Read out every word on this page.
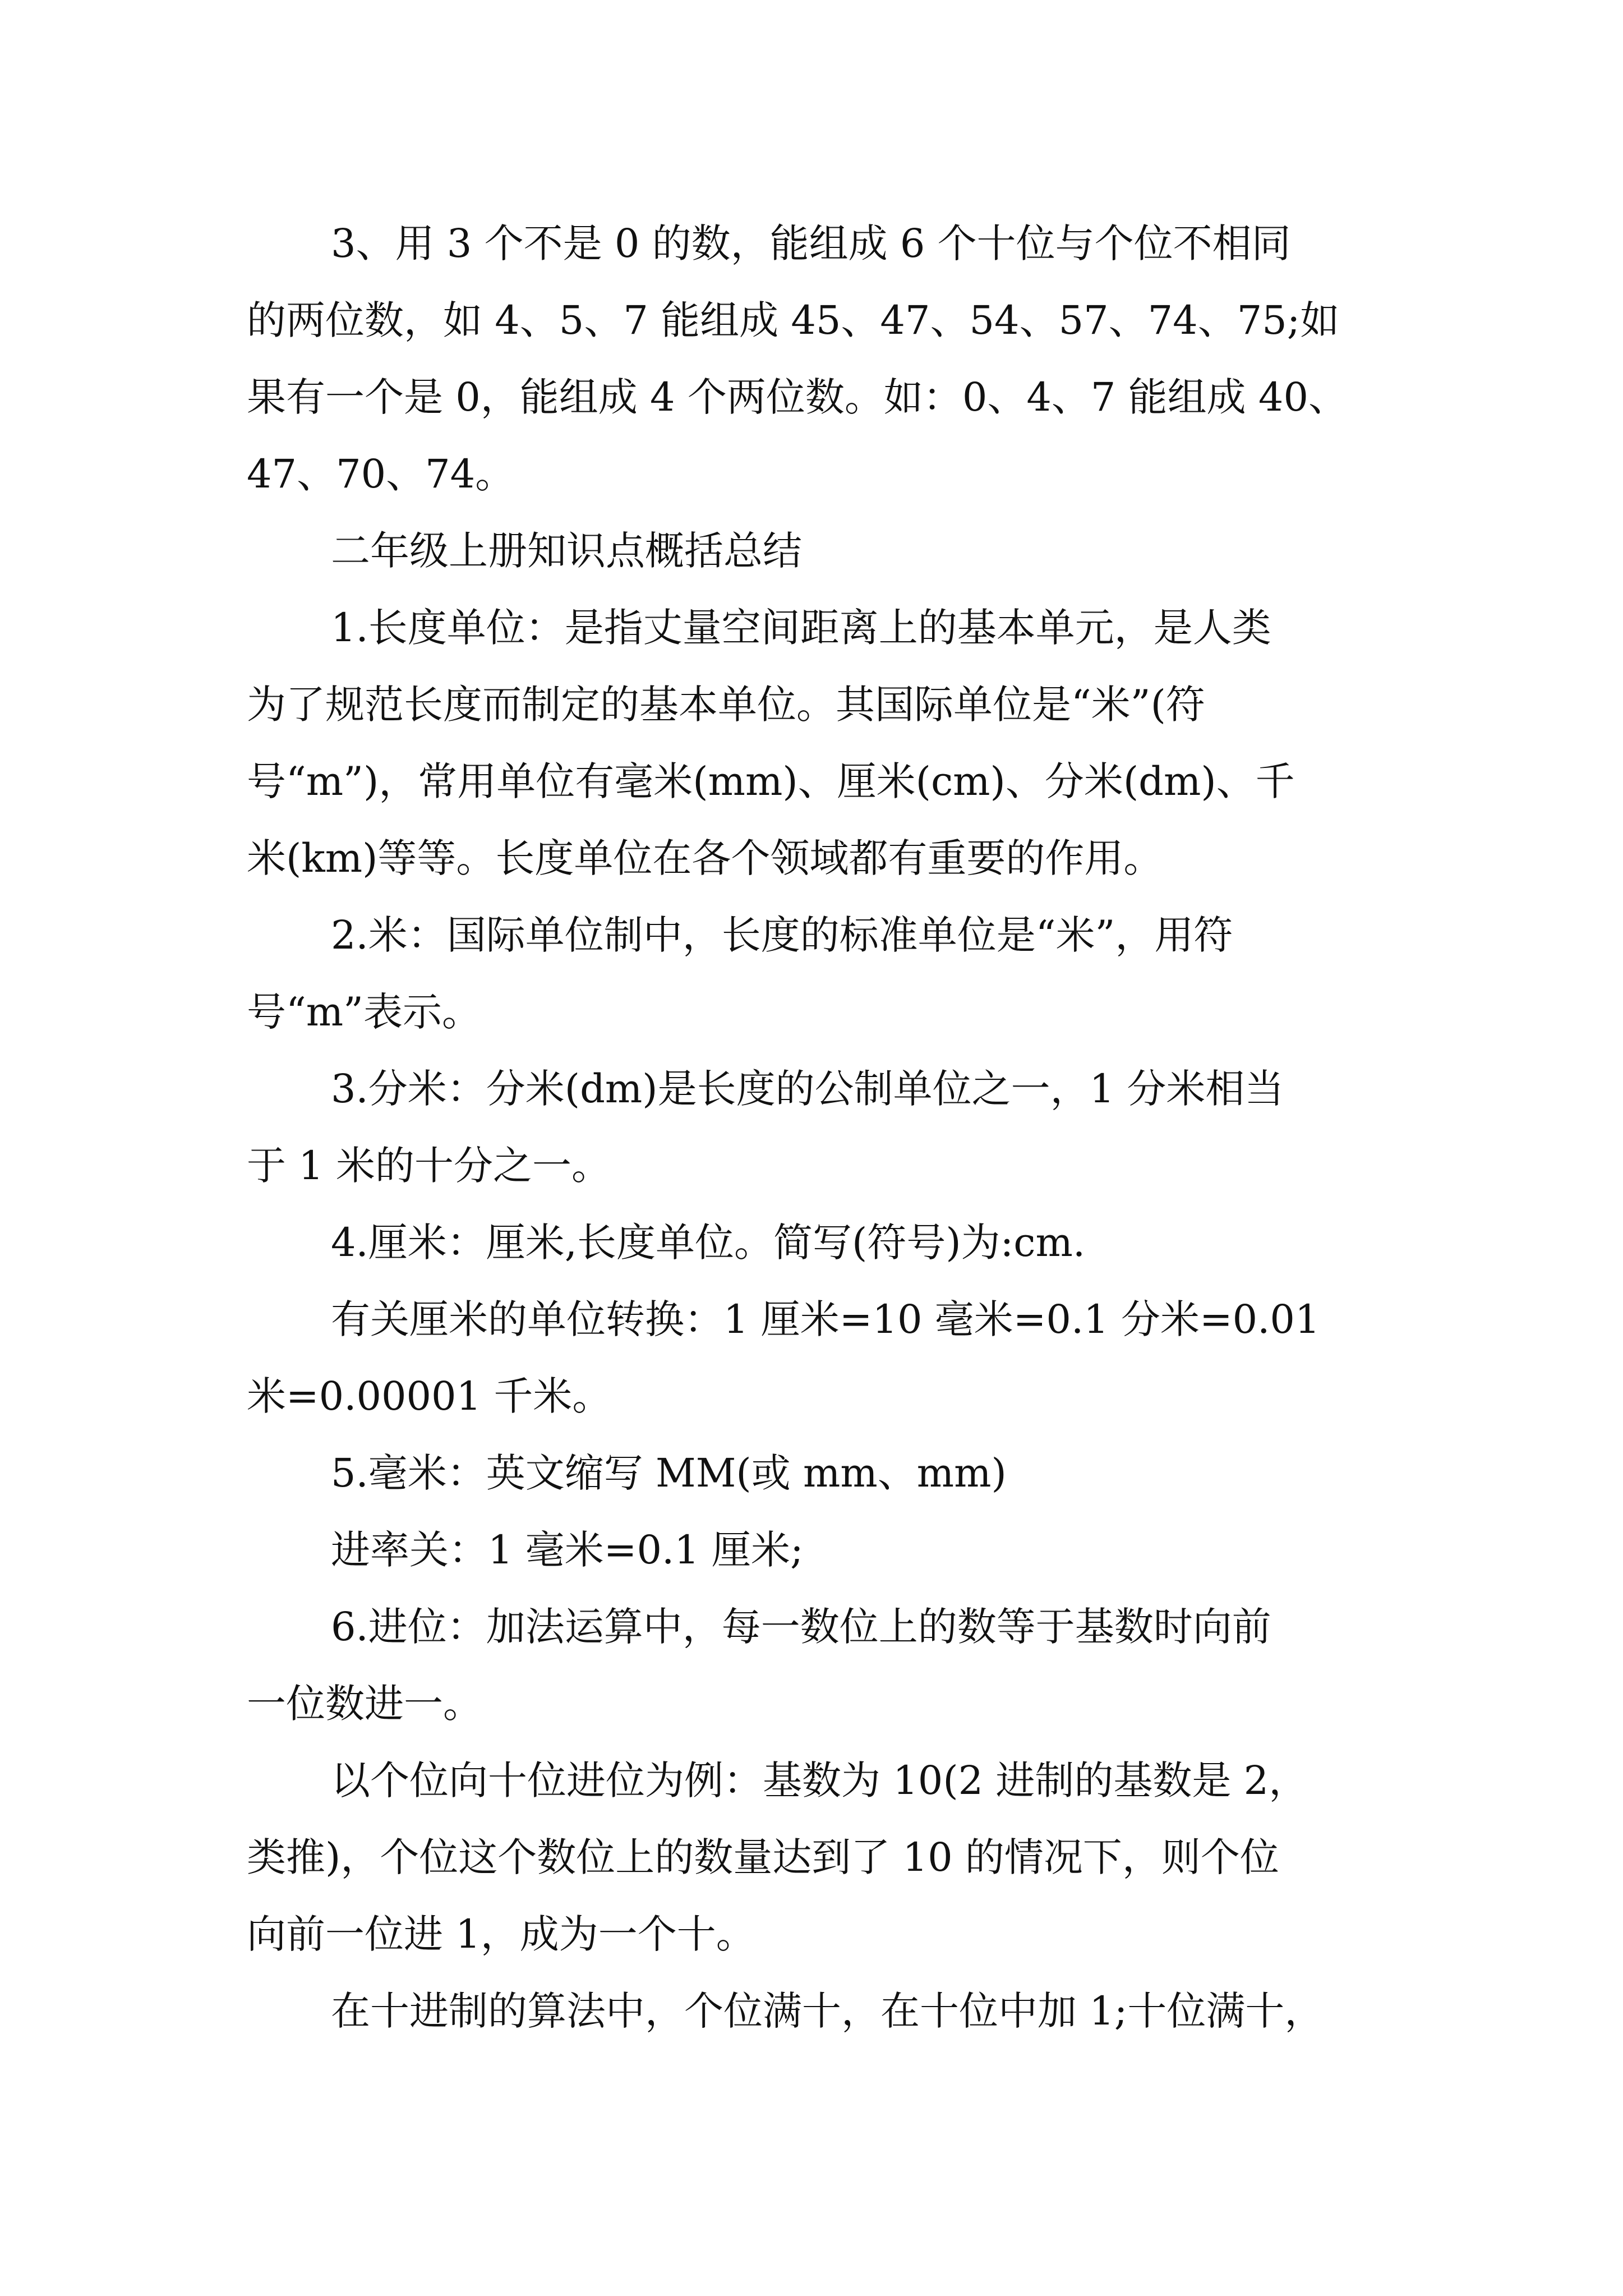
3、用 3 个不是 0 的数，能组成 6 个十位与个位不相同

的两位数，如 4、5、7 能组成 45、47、54、57、74、75;如

果有一个是 0，能组成 4 个两位数。如：0、4、7 能组成 40、

47、70、74。

二年级上册知识点概括总结

1.长度单位：是指丈量空间距离上的基本单元，是人类

为了规范长度而制定的基本单位。其国际单位是“米”(符

号“m”)，常用单位有毫米(mm)、厘米(cm)、分米(dm)、千

米(km)等等。长度单位在各个领域都有重要的作用。

2.米：国际单位制中，长度的标准单位是“米”，用符

号“m”表示。

3.分米：分米(dm)是长度的公制单位之一，1 分米相当

于 1 米的十分之一。

4.厘米：厘米,长度单位。简写(符号)为:cm.

有关厘米的单位转换：1 厘米=10 毫米=0.1 分米=0.01

米=0.00001 千米。

5.毫米：英文缩写 MM(或 mm、mm)

进率关：1 毫米=0.1 厘米;

6.进位：加法运算中，每一数位上的数等于基数时向前

一位数进一。

以个位向十位进位为例：基数为 10(2 进制的基数是 2，

类推)，个位这个数位上的数量达到了 10 的情况下，则个位

向前一位进 1，成为一个十。

在十进制的算法中，个位满十，在十位中加 1;十位满十，
